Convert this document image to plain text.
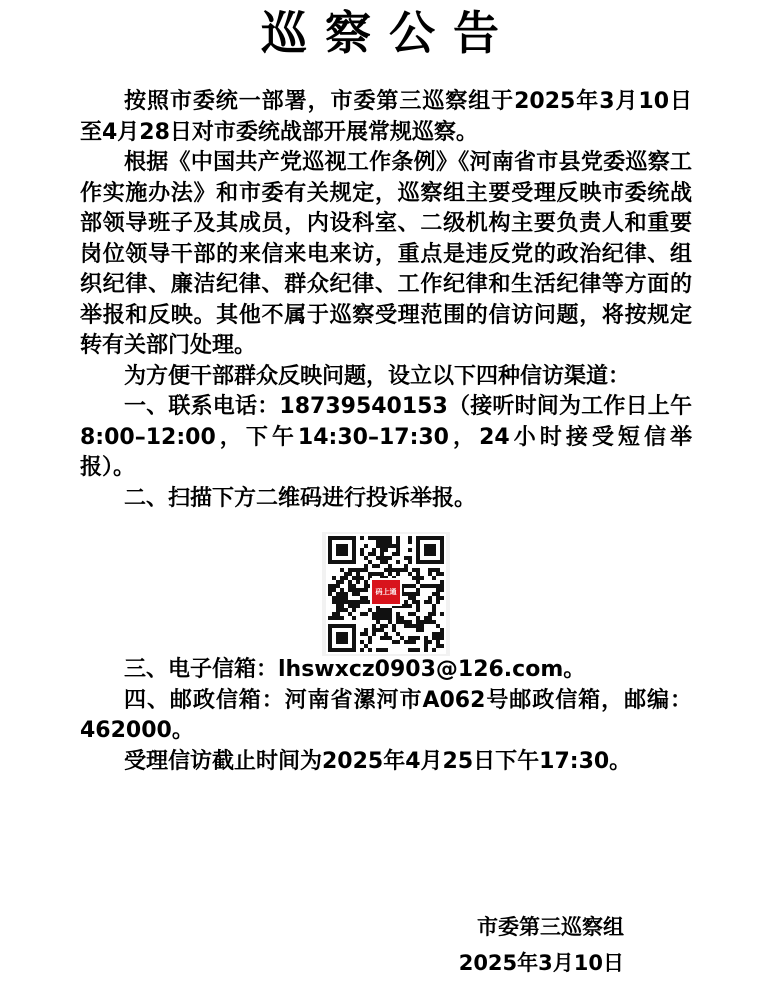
巡察公告

按照市委统一部署，市委第三巡察组于2025年3月10日至4月28日对市委统战部开展常规巡察。

根据《中国共产党巡视工作条例》《河南省市县党委巡察工作实施办法》和市委有关规定，巡察组主要受理反映市委统战部领导班子及其成员，内设科室、二级机构主要负责人和重要岗位领导干部的来信来电来访，重点是违反党的政治纪律、组织纪律、廉洁纪律、群众纪律、工作纪律和生活纪律等方面的举报和反映。其他不属于巡察受理范围的信访问题，将按规定转有关部门处理。

为方便干部群众反映问题，设立以下四种信访渠道：

一、联系电话：18739540153（接听时间为工作日上午8:00–12:00，下午14:30–17:30，24小时接受短信举报）。

二、扫描下方二维码进行投诉举报。

码上通

三、电子信箱：lhswxcz0903@126.com。

四、邮政信箱：河南省漯河市A062号邮政信箱，邮编：462000。

受理信访截止时间为2025年4月25日下午17:30。

市委第三巡察组
2025年3月10日
